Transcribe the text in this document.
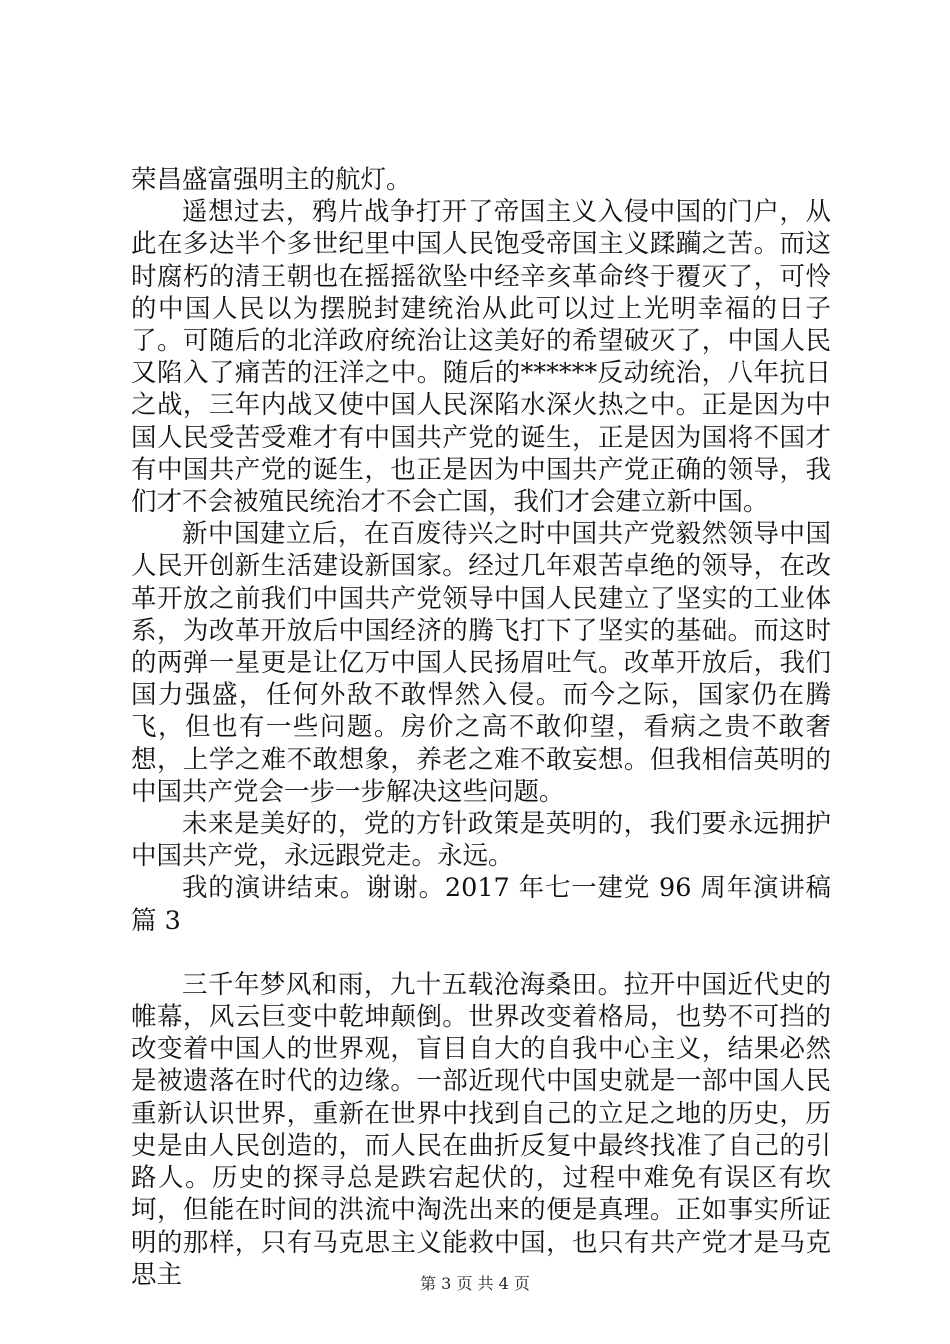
荣昌盛富强明主的航灯。

遥想过去，鸦片战争打开了帝国主义入侵中国的门户，从此在多达半个多世纪里中国人民饱受帝国主义蹂躏之苦。而这时腐朽的清王朝也在摇摇欲坠中经辛亥革命终于覆灭了，可怜的中国人民以为摆脱封建统治从此可以过上光明幸福的日子了。可随后的北洋政府统治让这美好的希望破灭了，中国人民又陷入了痛苦的汪洋之中。随后的******反动统治，八年抗日之战，三年内战又使中国人民深陷水深火热之中。正是因为中国人民受苦受难才有中国共产党的诞生，正是因为国将不国才有中国共产党的诞生，也正是因为中国共产党正确的领导，我们才不会被殖民统治才不会亡国，我们才会建立新中国。

新中国建立后，在百废待兴之时中国共产党毅然领导中国人民开创新生活建设新国家。经过几年艰苦卓绝的领导，在改革开放之前我们中国共产党领导中国人民建立了坚实的工业体系，为改革开放后中国经济的腾飞打下了坚实的基础。而这时的两弹一星更是让亿万中国人民扬眉吐气。改革开放后，我们国力强盛，任何外敌不敢悍然入侵。而今之际，国家仍在腾飞，但也有一些问题。房价之高不敢仰望，看病之贵不敢奢想，上学之难不敢想象，养老之难不敢妄想。但我相信英明的中国共产党会一步一步解决这些问题。

未来是美好的，党的方针政策是英明的，我们要永远拥护中国共产党，永远跟党走。永远。

我的演讲结束。谢谢。2017 年七一建党 96 周年演讲稿篇 3

三千年梦风和雨，九十五载沧海桑田。拉开中国近代史的帷幕，风云巨变中乾坤颠倒。世界改变着格局，也势不可挡的改变着中国人的世界观，盲目自大的自我中心主义，结果必然是被遗落在时代的边缘。一部近现代中国史就是一部中国人民重新认识世界，重新在世界中找到自己的立足之地的历史，历史是由人民创造的，而人民在曲折反复中最终找准了自己的引路人。历史的探寻总是跌宕起伏的，过程中难免有误区有坎坷，但能在时间的洪流中淘洗出来的便是真理。正如事实所证明的那样，只有马克思主义能救中国，也只有共产党才是马克思主	第 3 页 共 4 页
